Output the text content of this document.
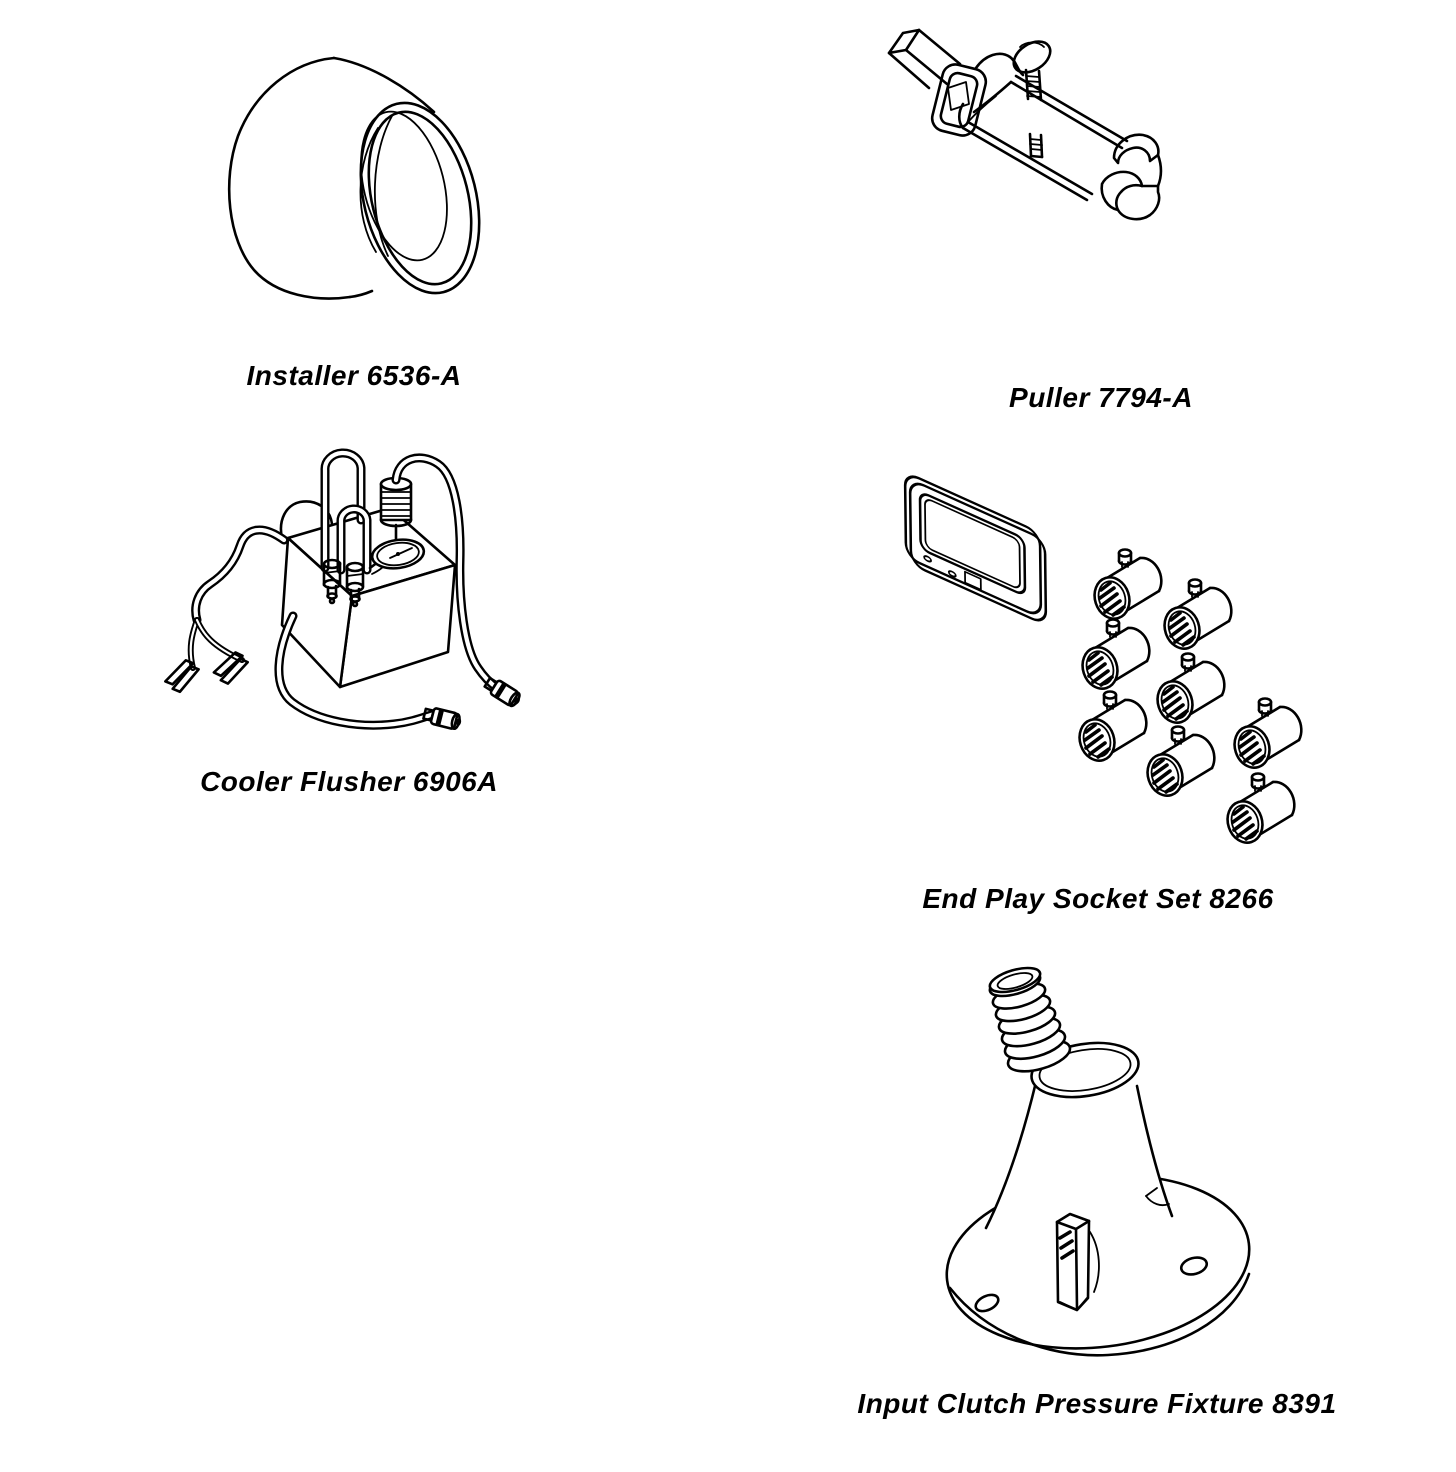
Installer 6536-A
Puller 7794-A
Cooler Flusher 6906A
End Play Socket Set 8266
Input Clutch Pressure Fixture 8391
